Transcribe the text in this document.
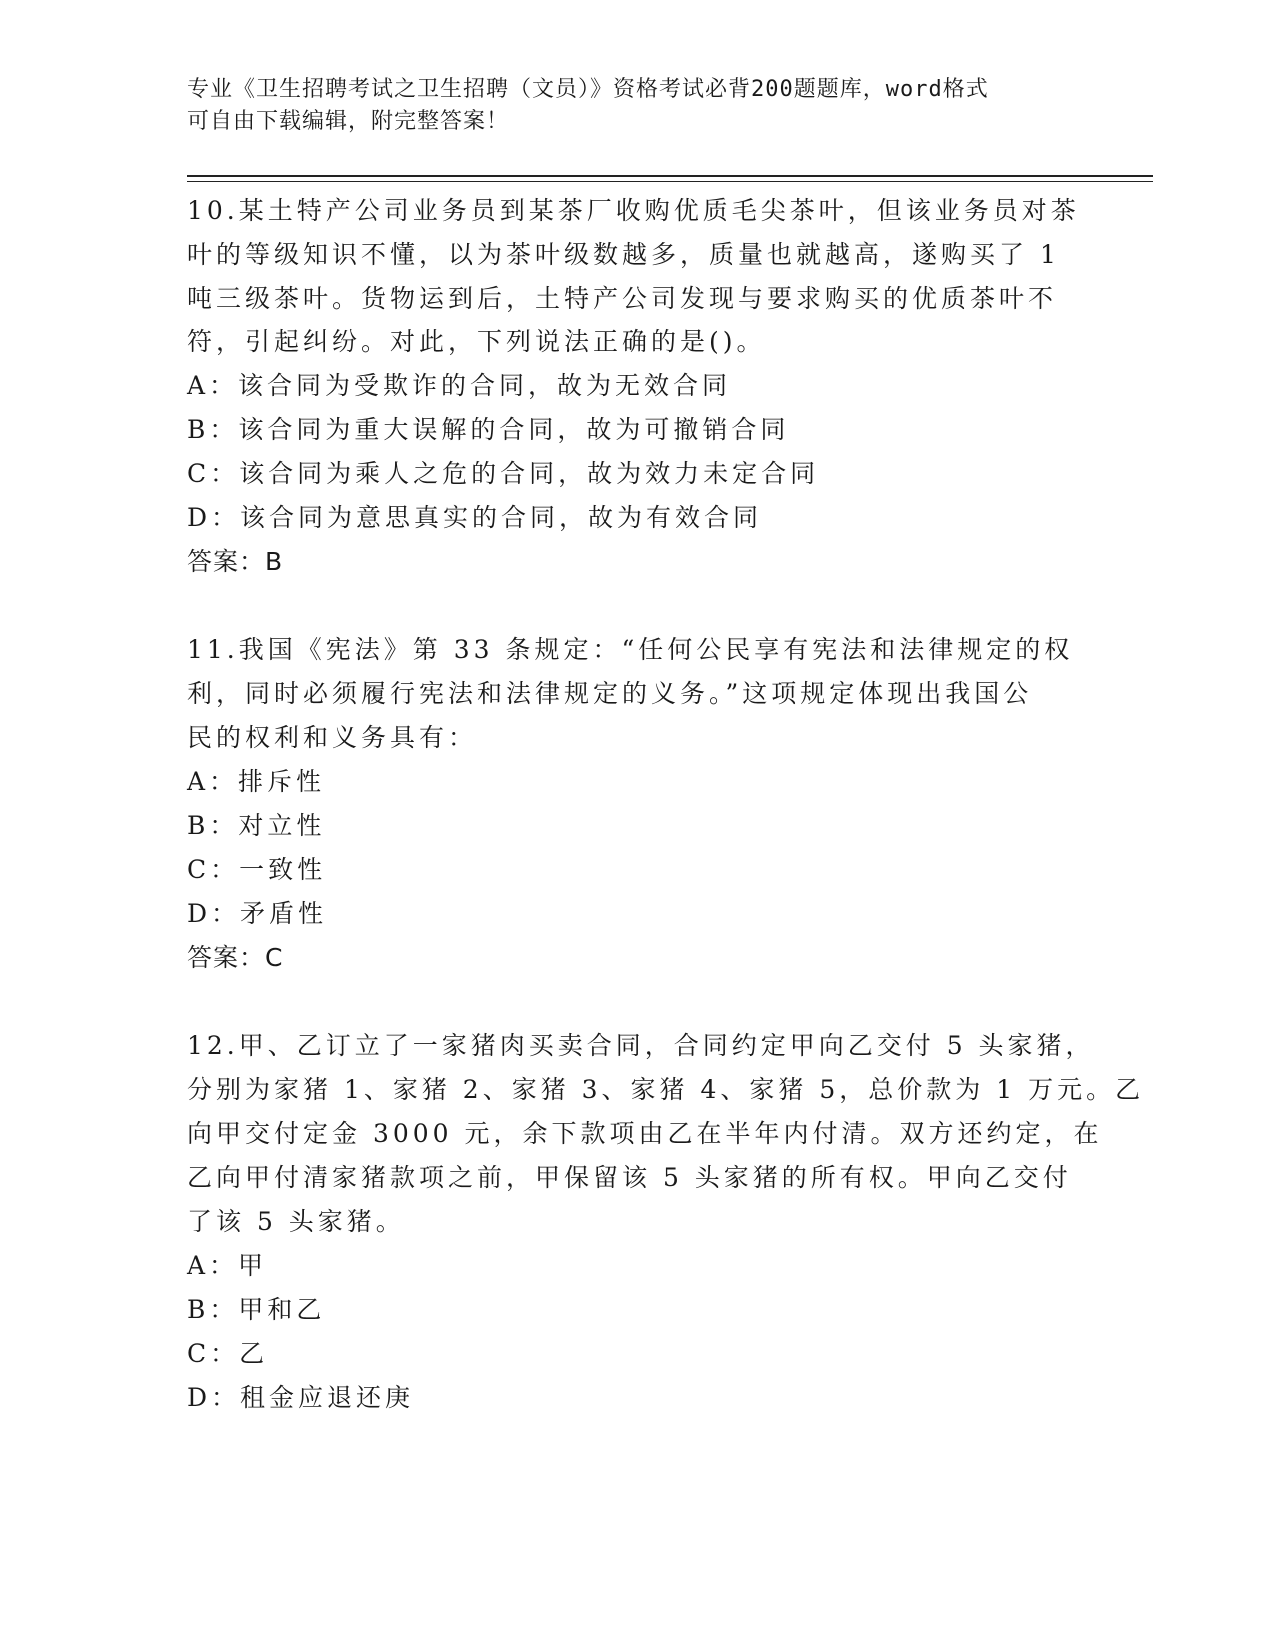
专业《卫生招聘考试之卫生招聘（文员）》资格考试必背200题题库，word格式
可自由下载编辑，附完整答案！
10.某土特产公司业务员到某茶厂收购优质毛尖茶叶，但该业务员对茶
叶的等级知识不懂，以为茶叶级数越多，质量也就越高，遂购买了 1
吨三级茶叶。货物运到后，土特产公司发现与要求购买的优质茶叶不
符，引起纠纷。对此，下列说法正确的是()。
A：该合同为受欺诈的合同，故为无效合同
B：该合同为重大误解的合同，故为可撤销合同
C：该合同为乘人之危的合同，故为效力未定合同
D：该合同为意思真实的合同，故为有效合同
答案：B
11.我国《宪法》第 33 条规定：“任何公民享有宪法和法律规定的权
利，同时必须履行宪法和法律规定的义务。”这项规定体现出我国公
民的权利和义务具有：
A：排斥性
B：对立性
C：一致性
D：矛盾性
答案：C
12.甲、乙订立了一家猪肉买卖合同，合同约定甲向乙交付 5 头家猪，
分别为家猪 1、家猪 2、家猪 3、家猪 4、家猪 5，总价款为 1 万元。乙
向甲交付定金 3000 元，余下款项由乙在半年内付清。双方还约定，在
乙向甲付清家猪款项之前，甲保留该 5 头家猪的所有权。甲向乙交付
了该 5 头家猪。
A：甲
B：甲和乙
C：乙
D：租金应退还庚
